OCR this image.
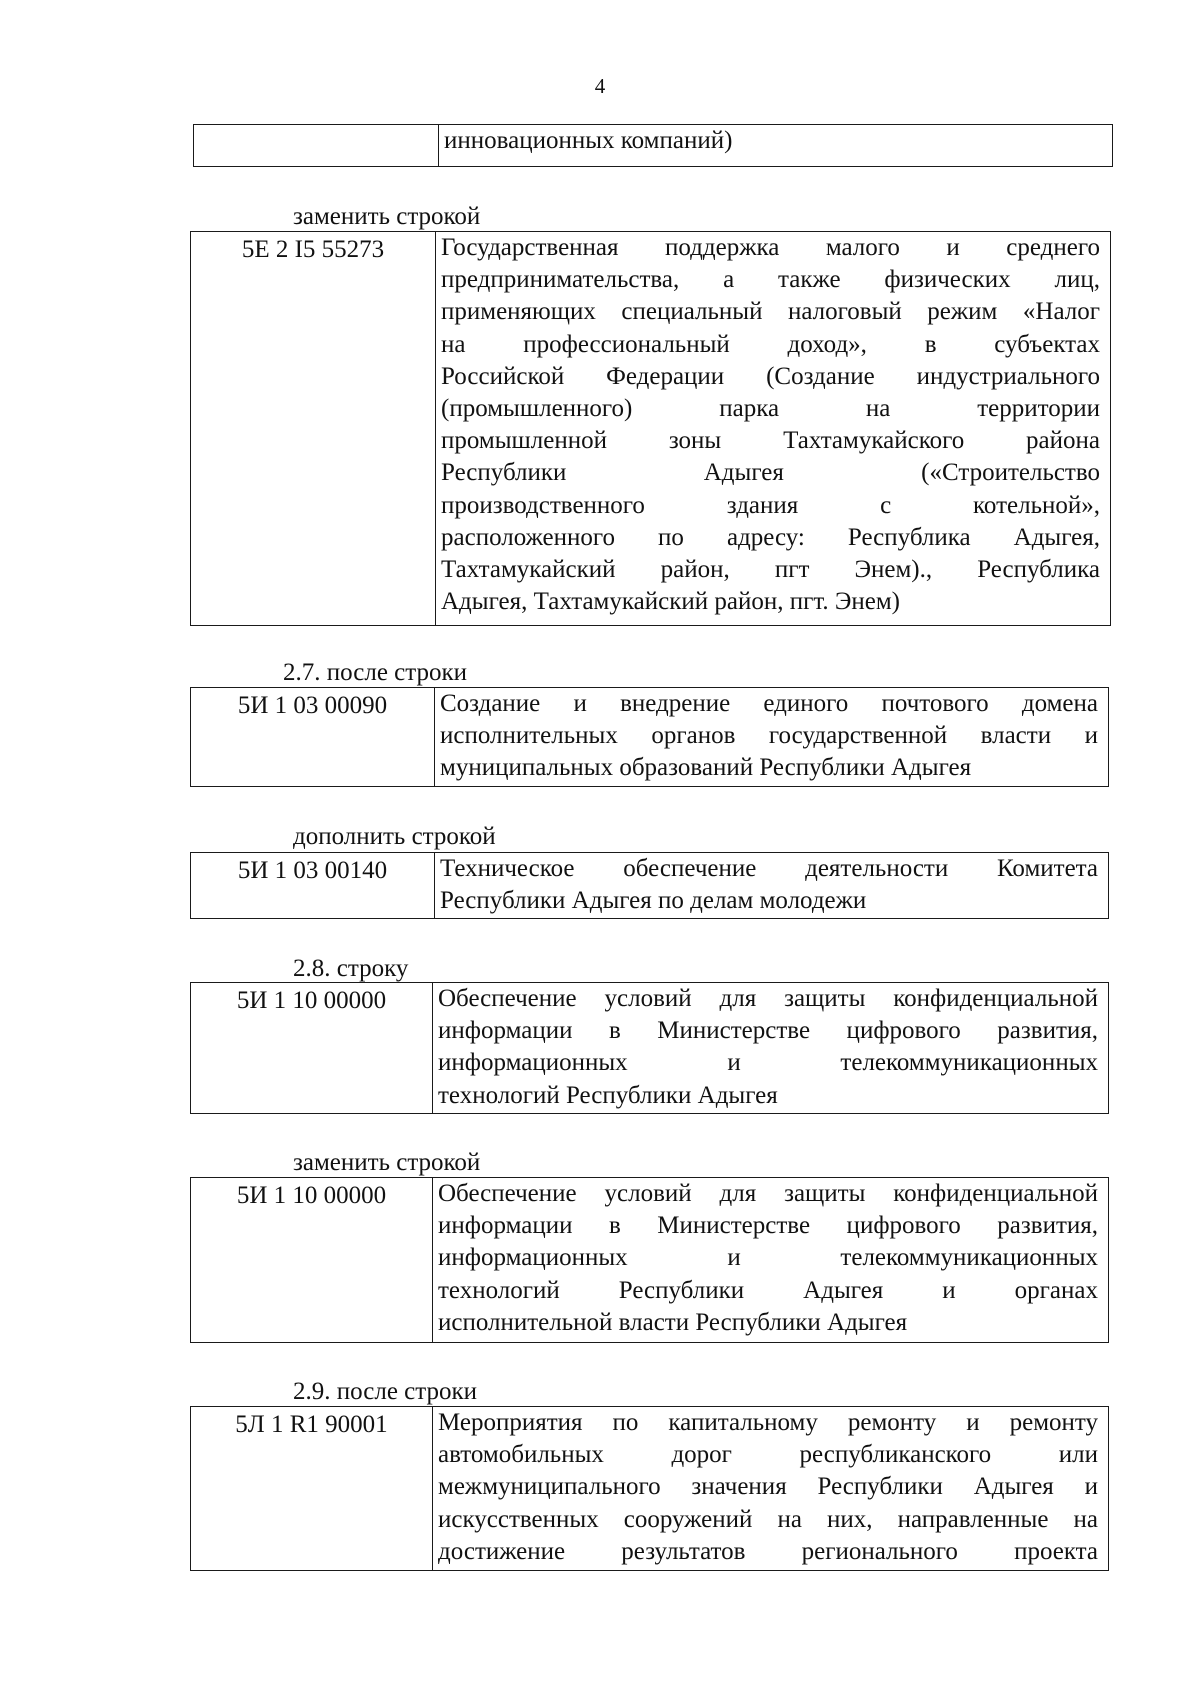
4

инновационных компаний)
заменить строкой
5Е 2 I5 55273	Государственная поддержка малого и среднего
предпринимательства, а также физических лиц,
применяющих специальный налоговый режим «Налог
на профессиональный доход», в субъектах
Российской Федерации (Создание индустриального
(промышленного) парка на территории
промышленной зоны Тахтамукайского района
Республики Адыгея («Строительство
производственного здания с котельной»,
расположенного по адресу: Республика Адыгея,
Тахтамукайский район, пгт Энем)., Республика
Адыгея, Тахтамукайский район, пгт. Энем)
2.7. после строки
5И 1 03 00090	Создание и внедрение единого почтового домена
исполнительных органов государственной власти и
муниципальных образований Республики Адыгея
дополнить строкой
5И 1 03 00140	Техническое обеспечение деятельности Комитета
Республики Адыгея по делам молодежи
2.8. строку
5И 1 10 00000	Обеспечение условий для защиты конфиденциальной
информации в Министерстве цифрового развития,
информационных и телекоммуникационных
технологий Республики Адыгея
заменить строкой
5И 1 10 00000	Обеспечение условий для защиты конфиденциальной
информации в Министерстве цифрового развития,
информационных и телекоммуникационных
технологий Республики Адыгея и органах
исполнительной власти Республики Адыгея
2.9. после строки
5Л 1 R1 90001	Мероприятия по капитальному ремонту и ремонту
автомобильных дорог республиканского или
межмуниципального значения Республики Адыгея и
искусственных сооружений на них, направленные на
достижение результатов регионального проекта
